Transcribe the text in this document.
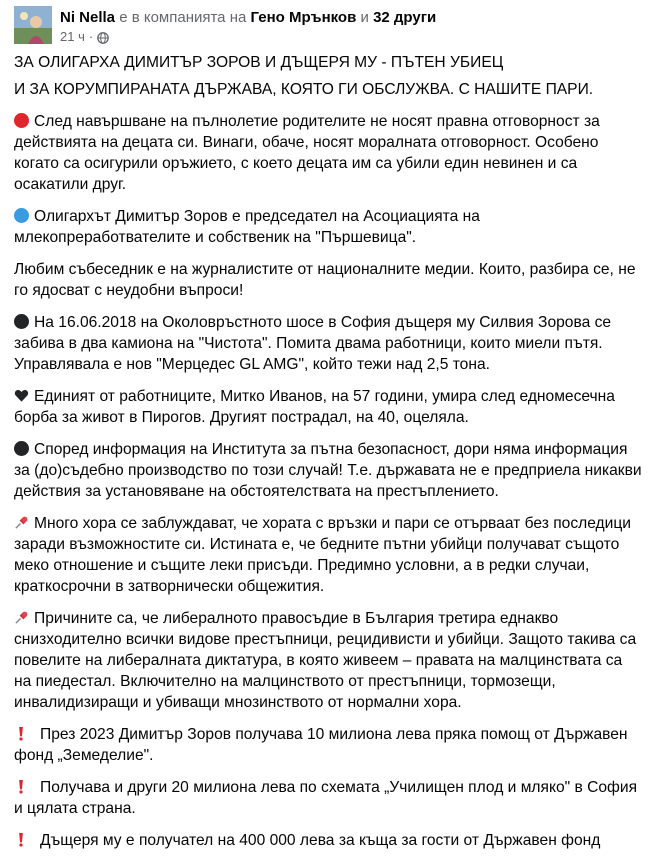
Ni Nella е в компанията на Гено Мрънков и 32 други
21 ч ·

ЗА ОЛИГАРХА ДИМИТЪР ЗОРОВ И ДЪЩЕРЯ МУ - ПЪТЕН УБИЕЦ

И ЗА КОРУМПИРАНАТА ДЪРЖАВА, КОЯТО ГИ ОБСЛУЖВА. С НАШИТЕ ПАРИ.

След навършване на пълнолетие родителите не носят правна отговорност за действията на децата си. Винаги, обаче, носят моралната отговорност. Особено когато са осигурили оръжието, с което децата им са убили един невинен и са осакатили друг.

Олигархът Димитър Зоров е председател на Асоциацията на млекопреработвателите и собственик на "Пършевица".

Любим събеседник е на журналистите от националните медии. Които, разбира се, не го ядосват с неудобни въпроси!

На 16.06.2018 на Околовръстното шосе в София дъщеря му Силвия Зорова се забива в два камиона на "Чистота". Помита двама работници, които миели пътя. Управлявала е нов "Мерцедес GL AMG", който тежи над 2,5 тона.

Единият от работниците, Митко Иванов, на 57 години, умира след едномесечна борба за живот в Пирогов. Другият пострадал, на 40, оцеляла.

Според информация на Института за пътна безопасност, дори няма информация за (до)съдебно производство по този случай! Т.е. държавата не е предприела никакви действия за установяване на обстоятелствата на престъплението.

Много хора се заблуждават, че хората с връзки и пари се отърваат без последици заради възможностите си. Истината е, че бедните пътни убийци получават същото меко отношение и същите леки присъди. Предимно условни, а в редки случаи, краткосрочни в затворнически общежития.

Причините са, че либералното правосъдие в България третира еднакво снизходително всички видове престъпници, рецидивисти и убийци. Защото такива са повелите на либералната диктатура, в която живеем – правата на малцинствата са на пиедестал. Включително на малцинството от престъпници, тормозещи, инвалидизиращи и убиващи мнозинството от нормални хора.

През 2023 Димитър Зоров получава 10 милиона лева пряка помощ от Държавен фонд „Земеделие".

Получава и други 20 милиона лева по схемата „Училищен плод и мляко" в София и цялата страна.

Дъщеря му е получател на 400 000 лева за къща за гости от Държавен фонд
